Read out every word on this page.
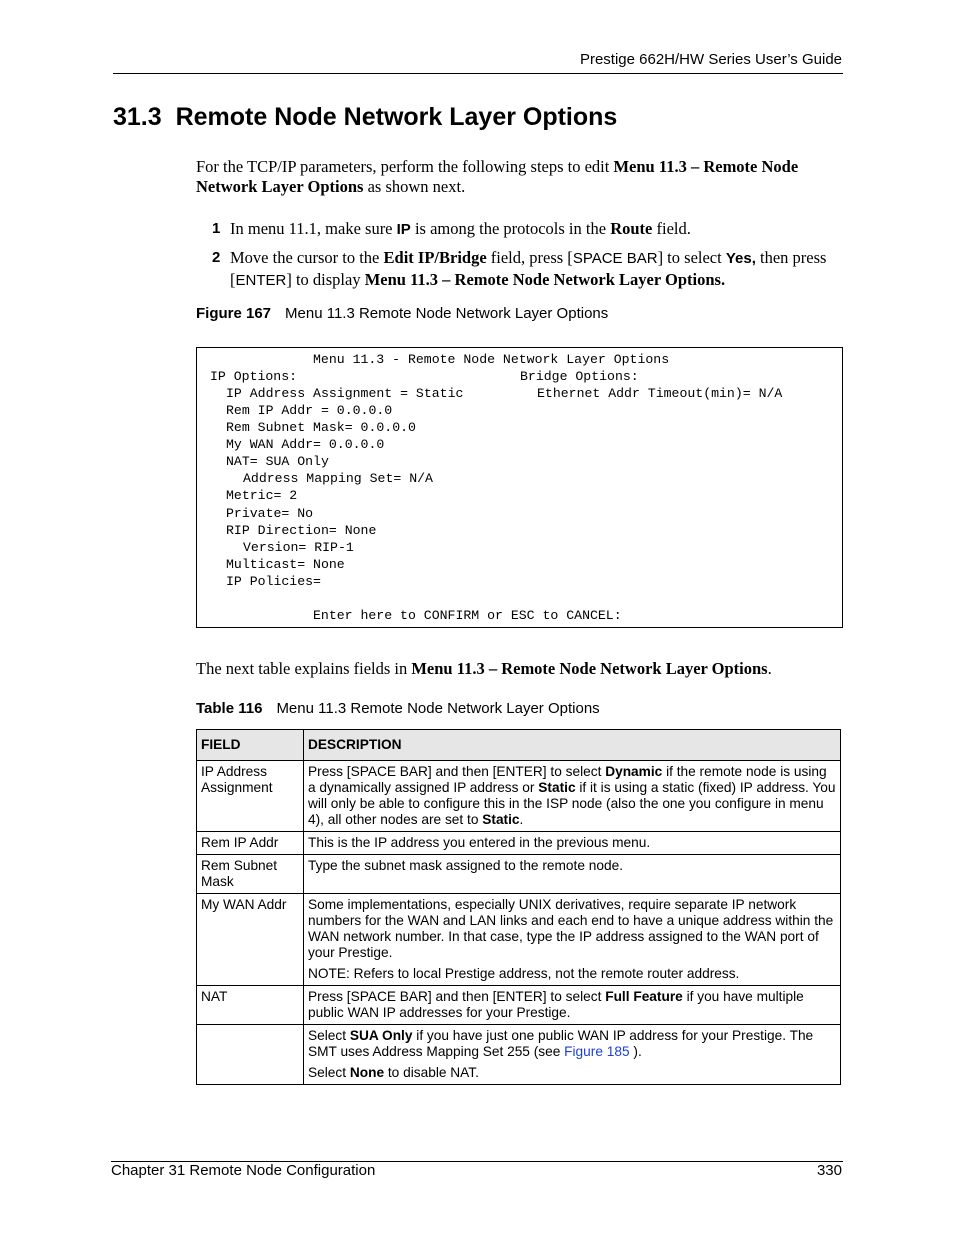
Prestige 662H/HW Series User’s Guide
31.3 Remote Node Network Layer Options

For the TCP/IP parameters, perform the following steps to edit Menu 11.3 – Remote Node Network Layer Options as shown next.

1 In menu 11.1, make sure IP is among the protocols in the Route field.
2 Move the cursor to the Edit IP/Bridge field, press [SPACE BAR] to select Yes, then press [ENTER] to display Menu 11.3 – Remote Node Network Layer Options.
Figure 167 Menu 11.3 Remote Node Network Layer Options
Menu 11.3 - Remote Node Network Layer Options
IP Options:	Bridge Options:
IP Address Assignment = Static	Ethernet Addr Timeout(min)= N/A
Rem IP Addr = 0.0.0.0
Rem Subnet Mask= 0.0.0.0
My WAN Addr= 0.0.0.0
NAT= SUA Only
Address Mapping Set= N/A
Metric= 2
Private= No
RIP Direction= None
Version= RIP-1
Multicast= None
IP Policies=
Enter here to CONFIRM or ESC to CANCEL:
The next table explains fields in Menu 11.3 – Remote Node Network Layer Options.
Table 116 Menu 11.3 Remote Node Network Layer Options
FIELD	DESCRIPTION
IP Address Assignment	Press [SPACE BAR] and then [ENTER] to select Dynamic if the remote node is using a dynamically assigned IP address or Static if it is using a static (fixed) IP address. You will only be able to configure this in the ISP node (also the one you configure in menu 4), all other nodes are set to Static.

Rem IP Addr	This is the IP address you entered in the previous menu.
Rem Subnet Mask	Type the subnet mask assigned to the remote node.
My WAN Addr	Some implementations, especially UNIX derivatives, require separate IP network numbers for the WAN and LAN links and each end to have a unique address within the WAN network number. In that case, type the IP address assigned to the WAN port of your Prestige.

NOTE: Refers to local Prestige address, not the remote router address.

NAT	Press [SPACE BAR] and then [ENTER] to select Full Feature if you have multiple public WAN IP addresses for your Prestige.

	Select SUA Only if you have just one public WAN IP address for your Prestige. The SMT uses Address Mapping Set 255 (see Figure 185 ).

Select None to disable NAT.

Chapter 31 Remote Node Configuration	330
